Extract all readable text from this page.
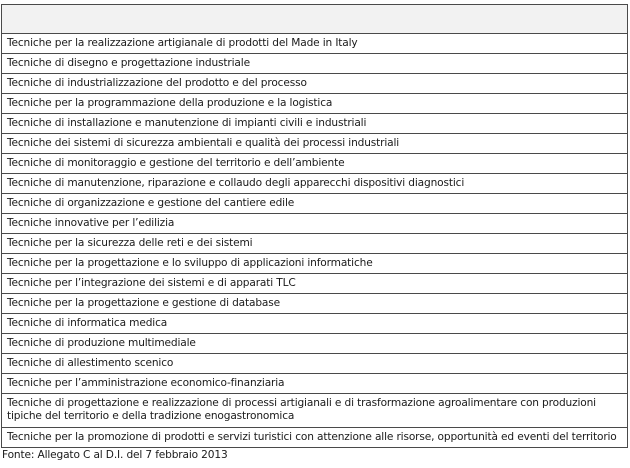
Tecniche per la realizzazione artigianale di prodotti del Made in Italy
Tecniche di disegno e progettazione industriale
Tecniche di industrializzazione del prodotto e del processo
Tecniche per la programmazione della produzione e la logistica
Tecniche di installazione e manutenzione di impianti civili e industriali
Tecniche dei sistemi di sicurezza ambientali e qualità dei processi industriali
Tecniche di monitoraggio e gestione del territorio e dell’ambiente
Tecniche di manutenzione, riparazione e collaudo degli apparecchi dispositivi diagnostici
Tecniche di organizzazione e gestione del cantiere edile
Tecniche innovative per l’edilizia
Tecniche per la sicurezza delle reti e dei sistemi
Tecniche per la progettazione e lo sviluppo di applicazioni informatiche
Tecniche per l’integrazione dei sistemi e di apparati TLC
Tecniche per la progettazione e gestione di database
Tecniche di informatica medica
Tecniche di produzione multimediale
Tecniche di allestimento scenico
Tecniche per l’amministrazione economico-finanziaria
Tecniche di progettazione e realizzazione di processi artigianali e di trasformazione agroalimentare con produzioni tipiche del territorio e della tradizione enogastronomica
Tecniche per la promozione di prodotti e servizi turistici con attenzione alle risorse, opportunità ed eventi del territorio
Fonte: Allegato C al D.I. del 7 febbraio 2013
